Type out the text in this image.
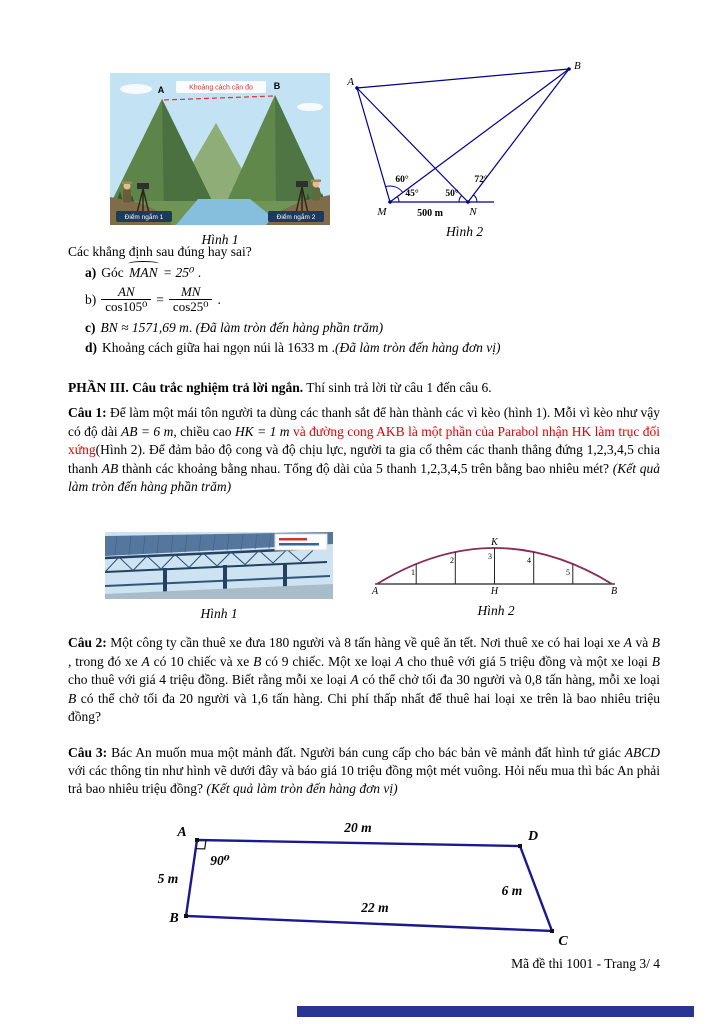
Khoảng cách cần đo
A	B
Điểm ngắm 1	Điểm ngắm 2
Hình 1
A
B
M	N
60°
45°	50°
72°
500 m
Hình 2

Các khẳng định sau đúng hay sai?

a) Góc MAN = 25⁰ .
$b) \frac{AN}{\text{cos105⁰}} = \frac{MN}{\text{cos25⁰}}$ .
c) BN ≈ 1571,69 m. (Đã làm tròn đến hàng phần trăm)
d) Khoảng cách giữa hai ngọn núi là 1633 m .(Đã làm tròn đến hàng đơn vị)

PHẦN III. Câu trắc nghiệm trả lời ngắn. Thí sinh trả lời từ câu 1 đến câu 6.

Câu 1: Để làm một mái tôn người ta dùng các thanh sắt để hàn thành các vì kèo (hình 1). Mỗi vì kèo như vậy có độ dài AB = 6 m, chiều cao HK = 1 m và đường cong AKB là một phần của Parabol nhận HK làm trục đối xứng(Hình 2). Để đảm bảo độ cong và độ chịu lực, người ta gia cố thêm các thanh thẳng đứng 1,2,3,4,5 chia thanh AB thành các khoảng bằng nhau. Tổng độ dài của 5 thanh 1,2,3,4,5 trên bằng bao nhiêu mét? (Kết quả làm tròn đến hàng phần trăm)

Hình 1
1
2	3	4
5
K
H
A	B
Hình 2

Câu 2: Một công ty cần thuê xe đưa 180 người và 8 tấn hàng về quê ăn tết. Nơi thuê xe có hai loại xe A và B , trong đó xe A có 10 chiếc và xe B có 9 chiếc. Một xe loại A cho thuê với giá 5 triệu đồng và một xe loại B cho thuê với giá 4 triệu đồng. Biết rằng mỗi xe loại A có thể chở tối đa 30 người và 0,8 tấn hàng, mỗi xe loại B có thể chở tối đa 20 người và 1,6 tấn hàng. Chi phí thấp nhất để thuê hai loại xe trên là bao nhiêu triệu đồng?

Câu 3: Bác An muốn mua một mảnh đất. Người bán cung cấp cho bác bản vẽ mảnh đất hình tứ giác ABCD với các thông tin như hình vẽ dưới đây và báo giá 10 triệu đồng một mét vuông. Hỏi nếu mua thì bác An phải trả bao nhiêu triệu đồng? (Kết quả làm tròn đến hàng đơn vị)

A	D
B
C
20 m
5 m
90⁰
6 m
22 m
Mã đề thi 1001 - Trang 3/ 4
